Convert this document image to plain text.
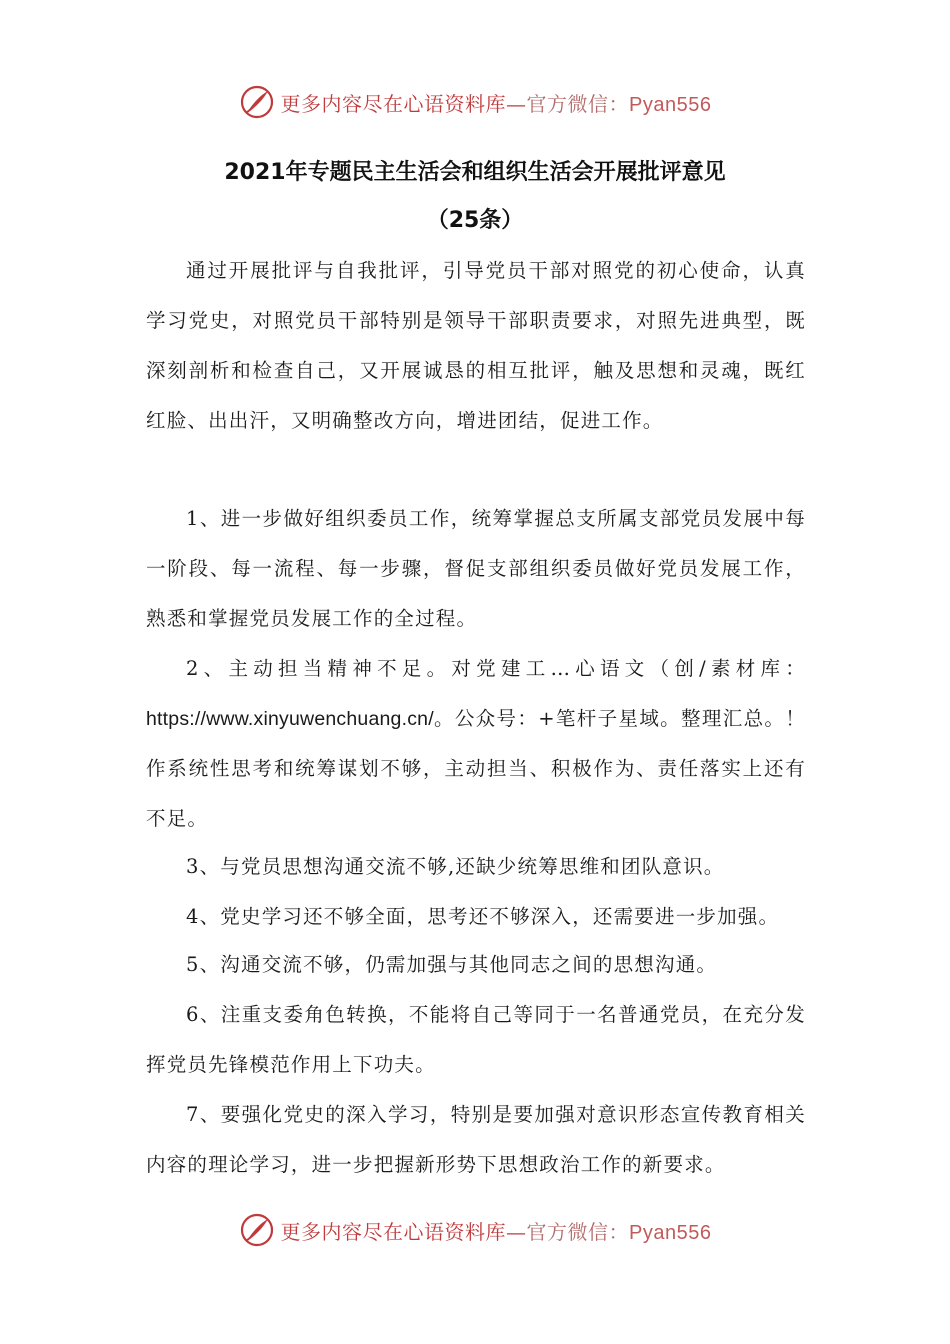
更多内容尽在心语资料库—官方微信：Pyan556
2021年专题民主生活会和组织生活会开展批评意见
（25条）

通过开展批评与自我批评，引导党员干部对照党的初心使命，认真学习党史，对照党员干部特别是领导干部职责要求，对照先进典型，既深刻剖析和检查自己，又开展诚恳的相互批评，触及思想和灵魂，既红红脸、出出汗，又明确整改方向，增进团结，促进工作。

1、进一步做好组织委员工作，统筹掌握总支所属支部党员发展中每一阶段、每一流程、每一步骤，督促支部组织委员做好党员发展工作，熟悉和掌握党员发展工作的全过程。

2、主动担当精神不足。对党建工…心语文（创/素材库：https://www.xinyuwenchuang.cn/。公众号：+笔杆子星域。整理汇总。！作系统性思考和统筹谋划不够，主动担当、积极作为、责任落实上还有不足。

3、与党员思想沟通交流不够,还缺少统筹思维和团队意识。

4、党史学习还不够全面，思考还不够深入，还需要进一步加强。

5、沟通交流不够，仍需加强与其他同志之间的思想沟通。

6、注重支委角色转换，不能将自己等同于一名普通党员，在充分发挥党员先锋模范作用上下功夫。

7、要强化党史的深入学习，特别是要加强对意识形态宣传教育相关内容的理论学习，进一步把握新形势下思想政治工作的新要求。

更多内容尽在心语资料库—官方微信：Pyan556
